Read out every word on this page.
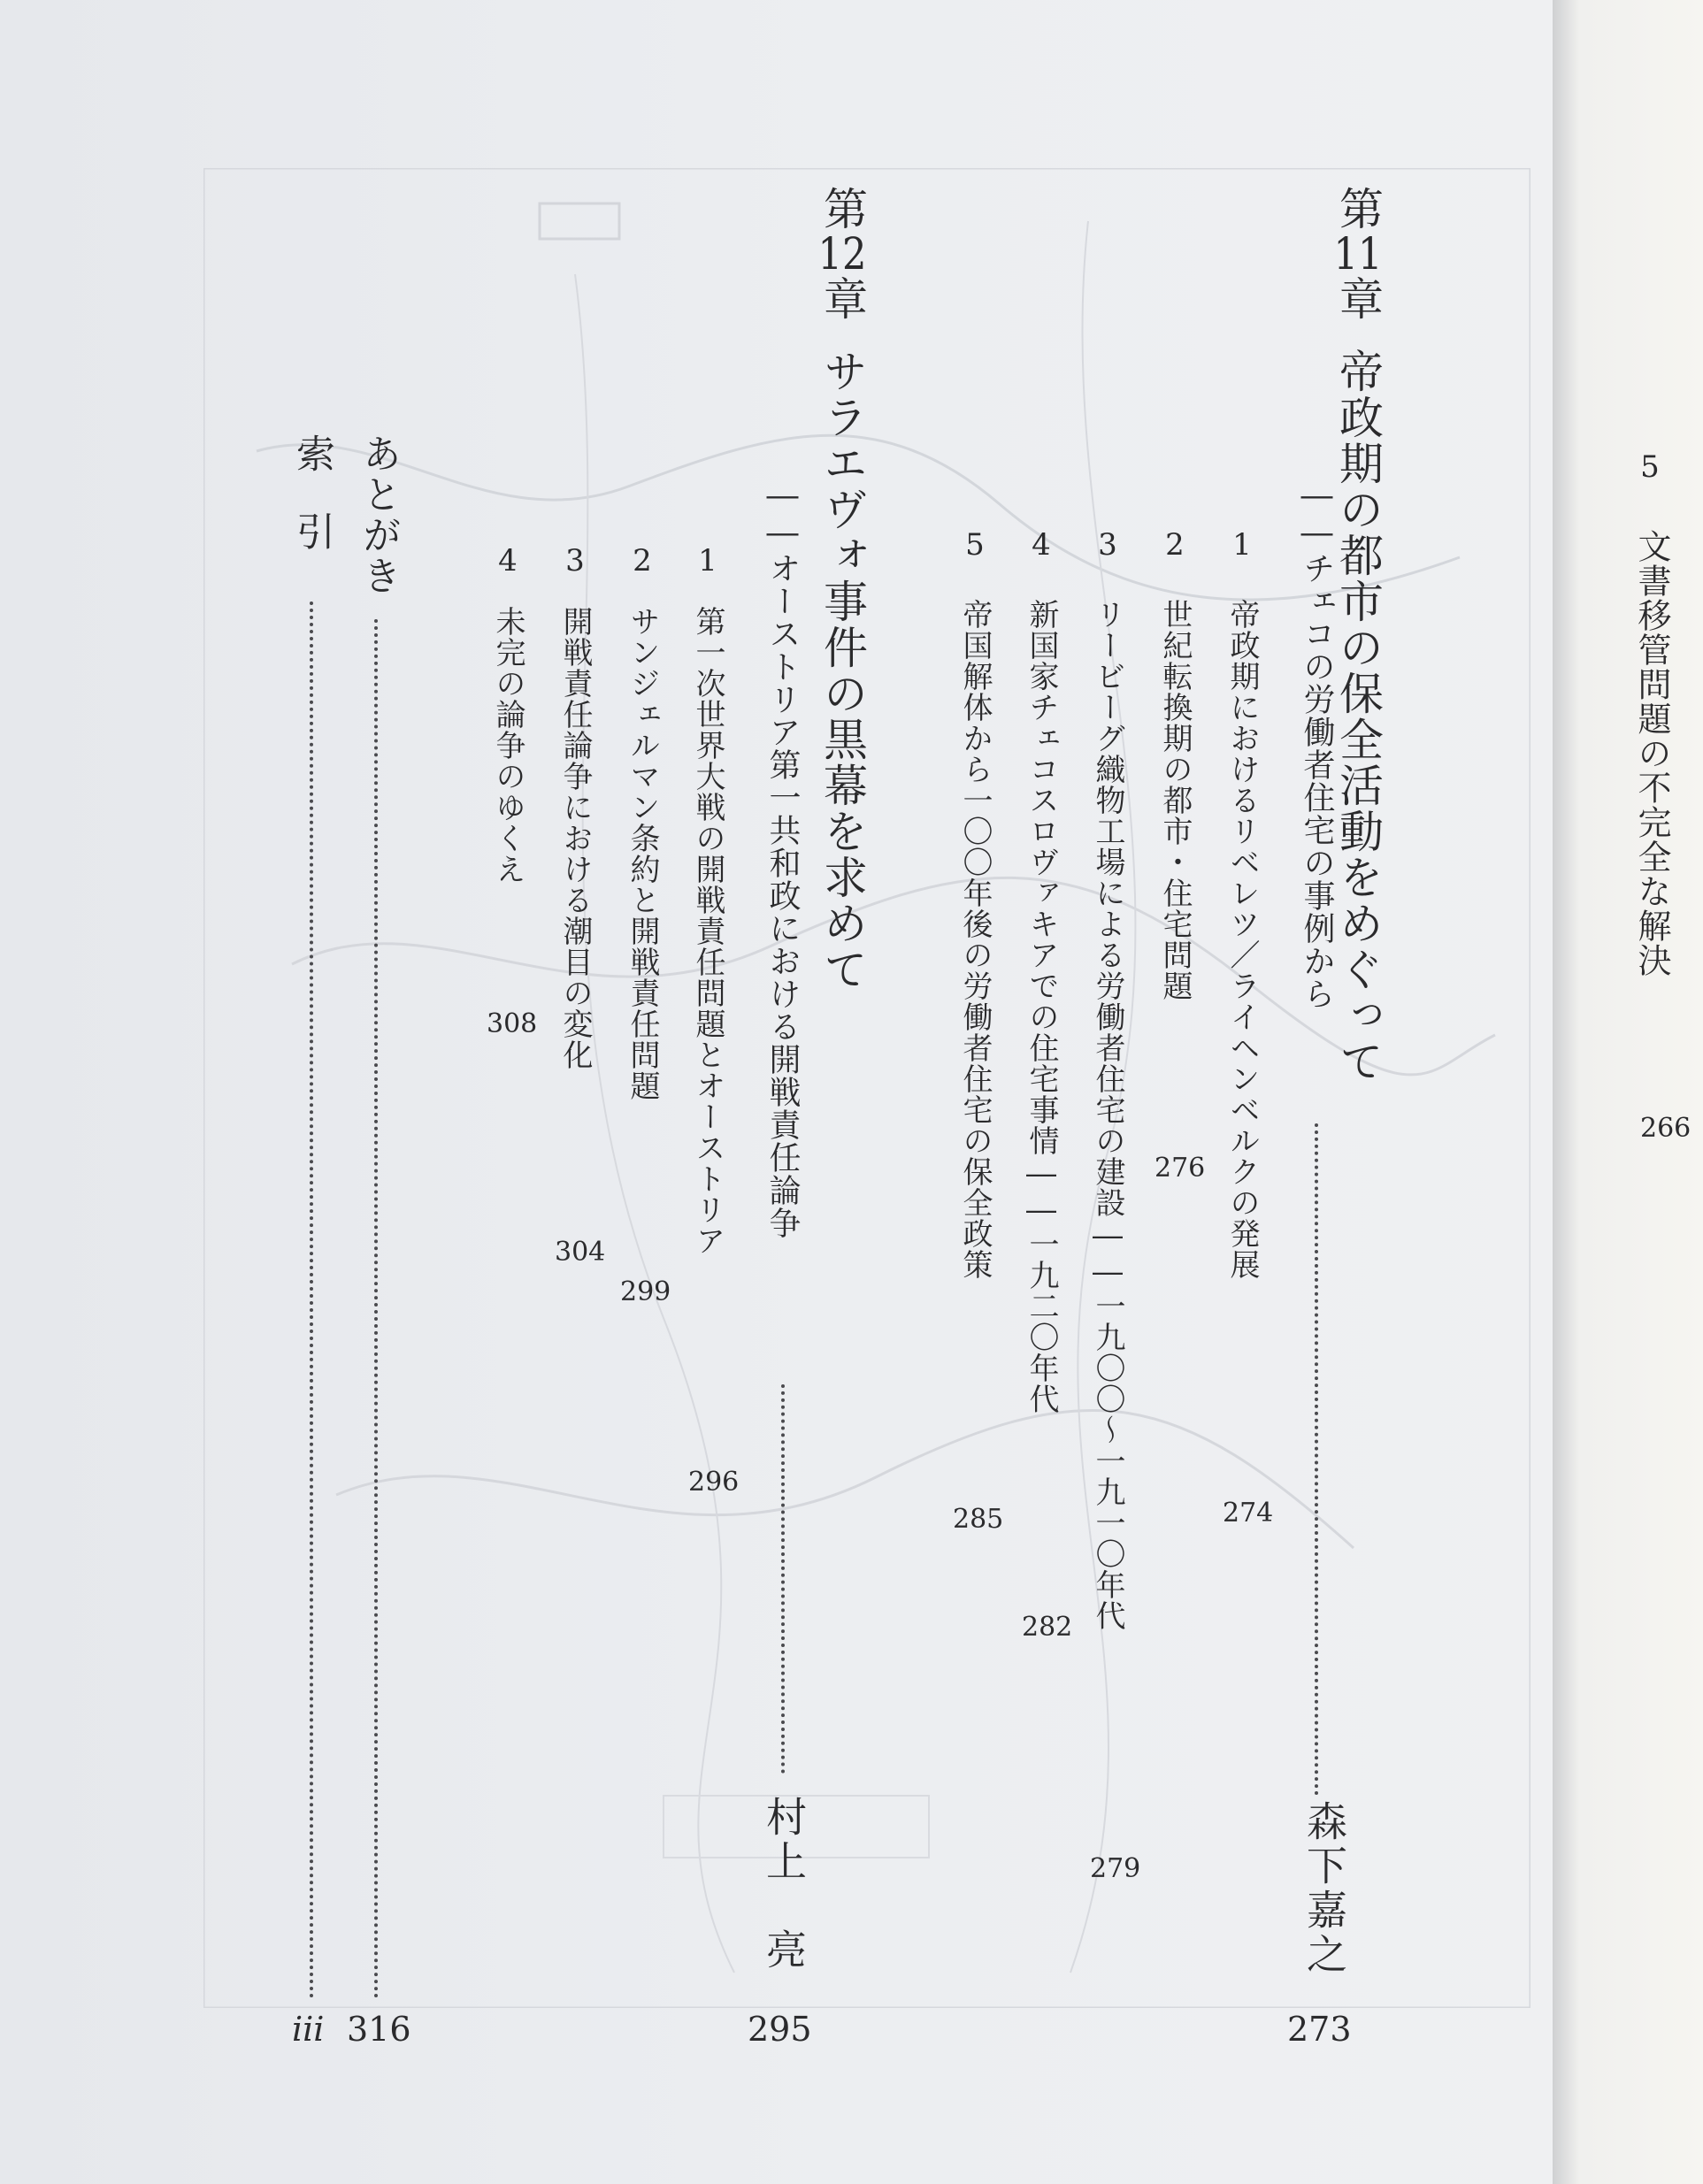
第11章帝政期の都市の保全活動をめぐって
――チェコの労働者住宅の事例から
森下嘉之
273
1帝政期におけるリベレツ／ライヘンベルクの発展
274
2世紀転換期の都市・住宅問題
276
3リービーグ織物工場による労働者住宅の建設――一九〇〇～一九一〇年代
279
4新国家チェコスロヴァキアでの住宅事情――一九二〇年代
282
5帝国解体から一〇〇年後の労働者住宅の保全政策
285
第12章サラエヴォ事件の黒幕を求めて
――オーストリア第一共和政における開戦責任論争
村上　亮
295
1第一次世界大戦の開戦責任問題とオーストリア
296
2サンジェルマン条約と開戦責任問題
299
3開戦責任論争における潮目の変化
304
4未完の論争のゆくえ
308
あとがき
316
索　引
iii
5
文書移管問題の不完全な解決
266
